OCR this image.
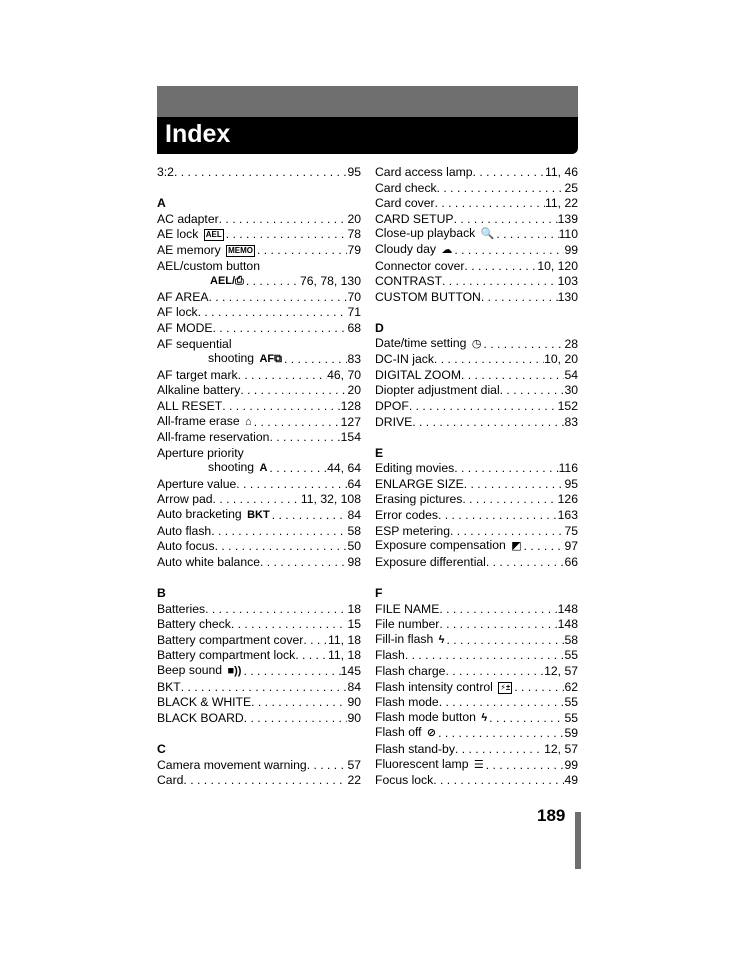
Index
3:2 . . .	95
A
AC adapter . . .	20
AE lock AEL . . .	78
AE memory MEMO . . .	79
AEL/custom button
AEL/⎙ . . .	76, 78, 130
AF AREA . . .	70
AF lock . . .	71
AF MODE . . .	68
AF sequential
shooting AF⧉ . . .	83
AF target mark . . .	46, 70
Alkaline battery . . .	20
ALL RESET . . .	128
All-frame erase ⌂ . . .	127
All-frame reservation . . .	154
Aperture priority
shooting A . . .	44, 64
Aperture value . . .	64
Arrow pad . . .	11, 32, 108
Auto bracketing BKT . . .	84
Auto flash . . .	58
Auto focus . . .	50
Auto white balance . . .	98
B
Batteries . . .	18
Battery check . . .	15
Battery compartment cover . . . 11, 18
Battery compartment lock . . .	11, 18
Beep sound ■)) . . .	145
BKT . . .	84
BLACK & WHITE . . .	90
BLACK BOARD . . .	90
C
Camera movement warning . . .	57
Card . . .	22
Card access lamp . . .	11, 46
Card check . . .	25
Card cover . . .	11, 22
CARD SETUP . . .	139
Close-up playback 🔍 . . .	110
Cloudy day ☁ . . .	99
Connector cover . . .	10, 120
CONTRAST . . .	103
CUSTOM BUTTON . . .	130
D
Date/time setting ◷ . . .	28
DC-IN jack . . .	10, 20
DIGITAL ZOOM . . .	54
Diopter adjustment dial . . .	30
DPOF . . .	152
DRIVE . . .	83
E
Editing movies . . .	116
ENLARGE SIZE . . .	95
Erasing pictures . . .	126
Error codes . . .	163
ESP metering . . .	75
Exposure compensation ◩ . . .	97
Exposure differential . . .	66
F
FILE NAME . . .	148
File number . . .	148
Fill-in flash ϟ . . .	58
Flash . . .	55
Flash charge . . .	12, 57
Flash intensity control ⚡± . . .	62
Flash mode . . .	55
Flash mode button ϟ . . .	55
Flash off ⊘ . . .	59
Flash stand-by . . .	12, 57
Fluorescent lamp ☰ . . .	99
Focus lock . . .	49
189
